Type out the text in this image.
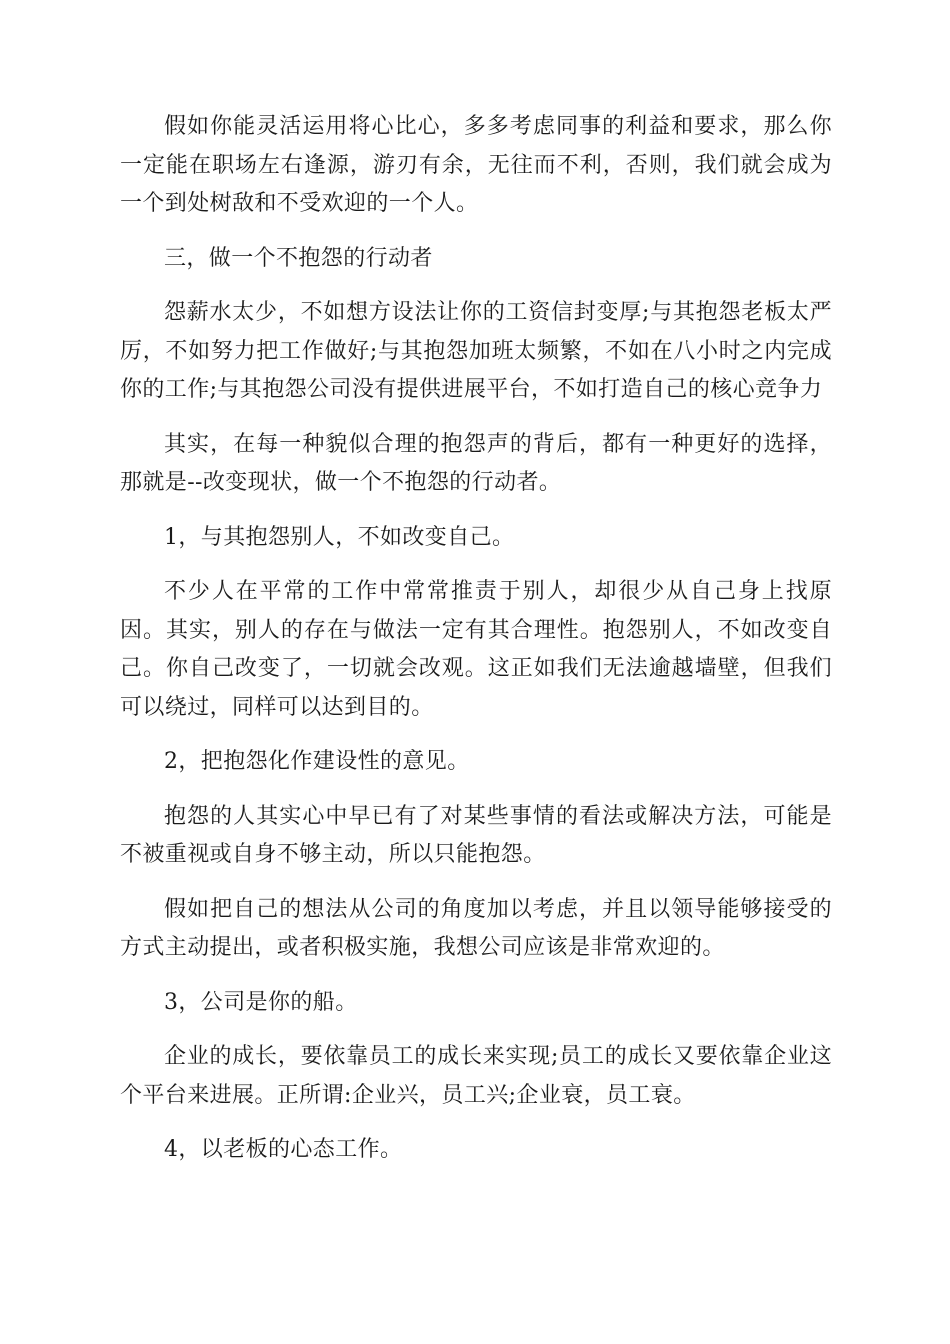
假如你能灵活运用将心比心，多多考虑同事的利益和要求，那么你一定能在职场左右逢源，游刃有余，无往而不利，否则，我们就会成为一个到处树敌和不受欢迎的一个人。

三，做一个不抱怨的行动者

怨薪水太少，不如想方设法让你的工资信封变厚;与其抱怨老板太严厉，不如努力把工作做好;与其抱怨加班太频繁，不如在八小时之内完成你的工作;与其抱怨公司没有提供进展平台，不如打造自己的核心竞争力

其实，在每一种貌似合理的抱怨声的背后，都有一种更好的选择，那就是--改变现状，做一个不抱怨的行动者。

1，与其抱怨别人，不如改变自己。

不少人在平常的工作中常常推责于别人，却很少从自己身上找原因。其实，别人的存在与做法一定有其合理性。抱怨别人，不如改变自己。你自己改变了，一切就会改观。这正如我们无法逾越墙壁，但我们可以绕过，同样可以达到目的。

2，把抱怨化作建设性的意见。

抱怨的人其实心中早已有了对某些事情的看法或解决方法，可能是不被重视或自身不够主动，所以只能抱怨。

假如把自己的想法从公司的角度加以考虑，并且以领导能够接受的方式主动提出，或者积极实施，我想公司应该是非常欢迎的。

3，公司是你的船。

企业的成长，要依靠员工的成长来实现;员工的成长又要依靠企业这个平台来进展。正所谓:企业兴，员工兴;企业衰，员工衰。

4，以老板的心态工作。
